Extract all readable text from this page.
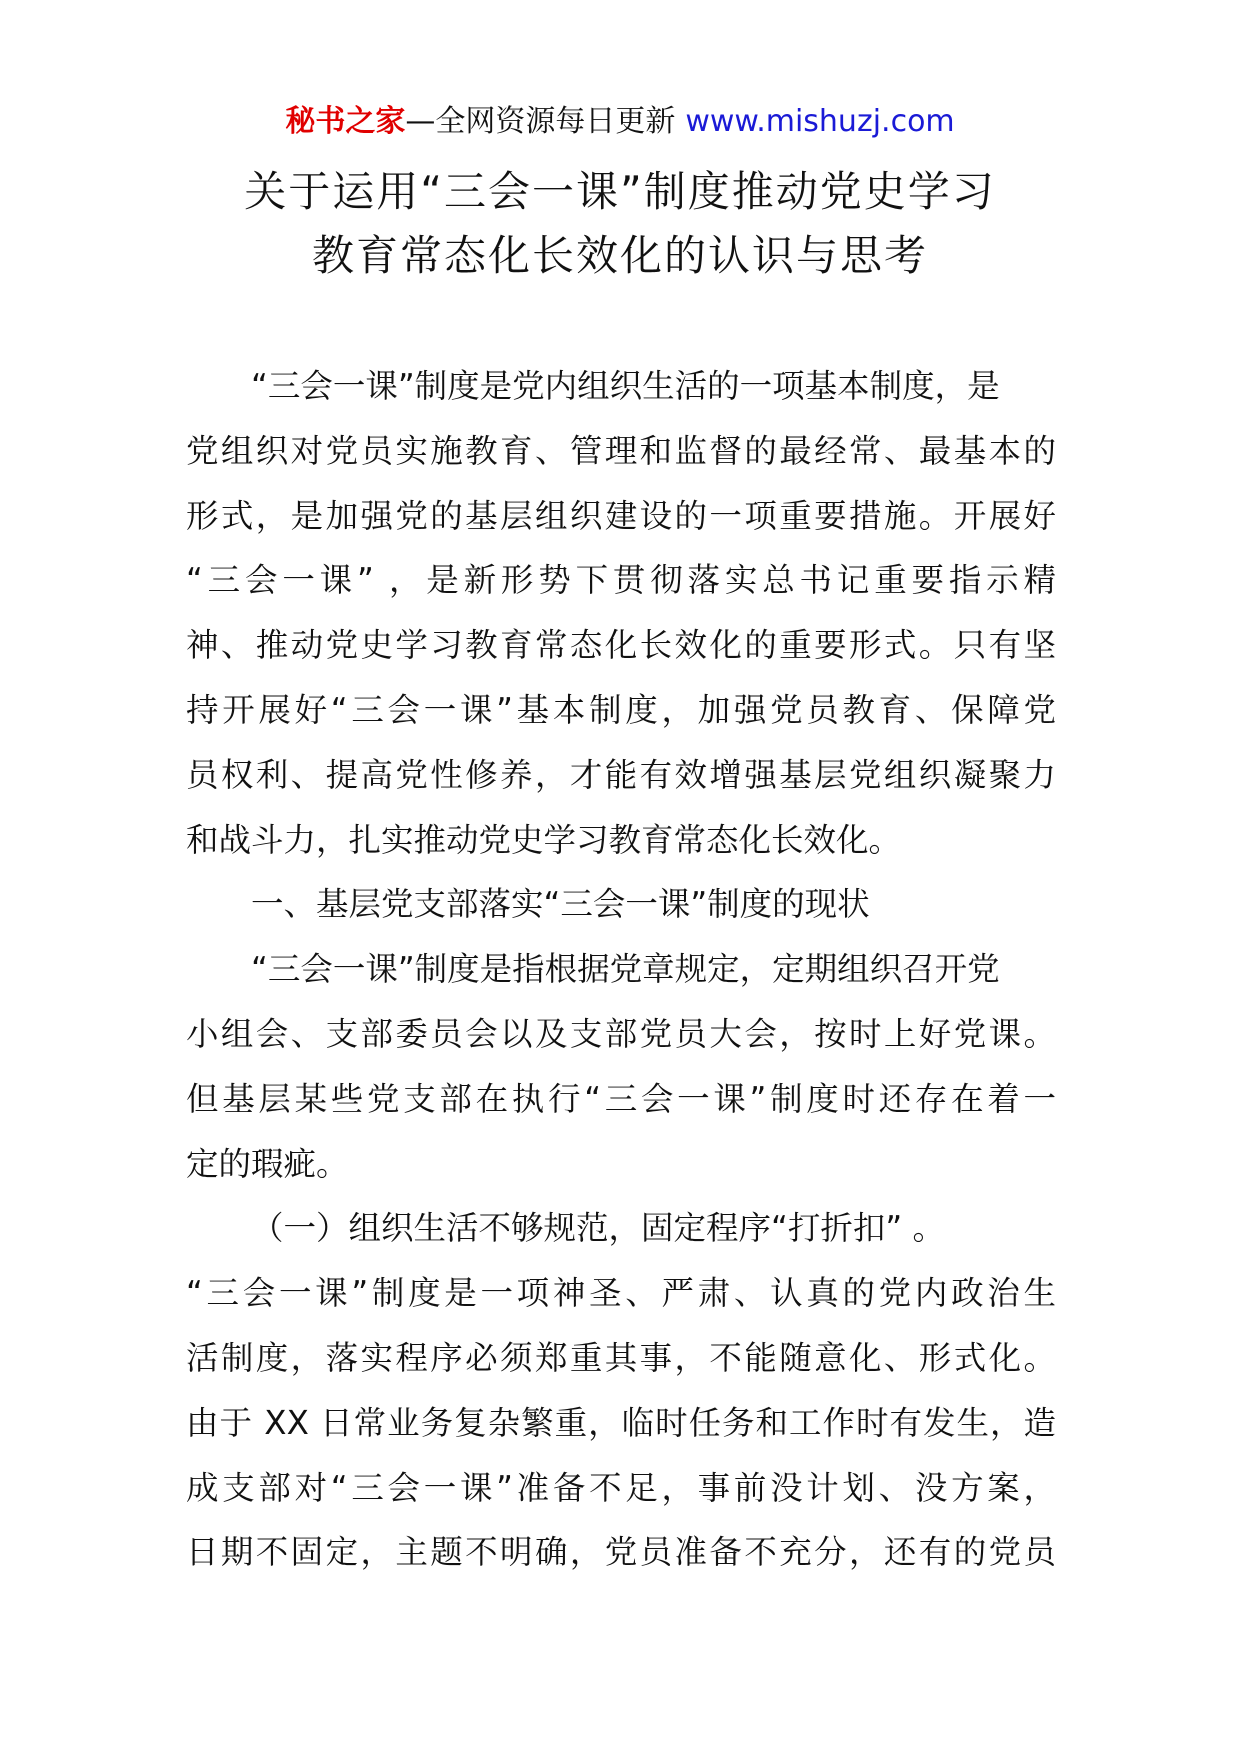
秘书之家—全网资源每日更新 www.mishuzj.com
关于运用“三会一课”制度推动党史学习
教育常态化长效化的认识与思考
“三会一课”制度是党内组织生活的一项基本制度，是
党组织对党员实施教育、管理和监督的最经常、最基本的
形式，是加强党的基层组织建设的一项重要措施。开展好
“三会一课” ，是新形势下贯彻落实总书记重要指示精
神、推动党史学习教育常态化长效化的重要形式。只有坚
持开展好“三会一课”基本制度，加强党员教育、保障党
员权利、提高党性修养，才能有效增强基层党组织凝聚力
和战斗力，扎实推动党史学习教育常态化长效化。
一、基层党支部落实“三会一课”制度的现状
“三会一课”制度是指根据党章规定，定期组织召开党
小组会、支部委员会以及支部党员大会，按时上好党课。
但基层某些党支部在执行“三会一课”制度时还存在着一
定的瑕疵。
（一）组织生活不够规范，固定程序“打折扣” 。
“三会一课”制度是一项神圣、严肃、认真的党内政治生
活制度，落实程序必须郑重其事，不能随意化、形式化。
由于 XX 日常业务复杂繁重，临时任务和工作时有发生，造
成支部对“三会一课”准备不足，事前没计划、没方案，
日期不固定，主题不明确，党员准备不充分，还有的党员
